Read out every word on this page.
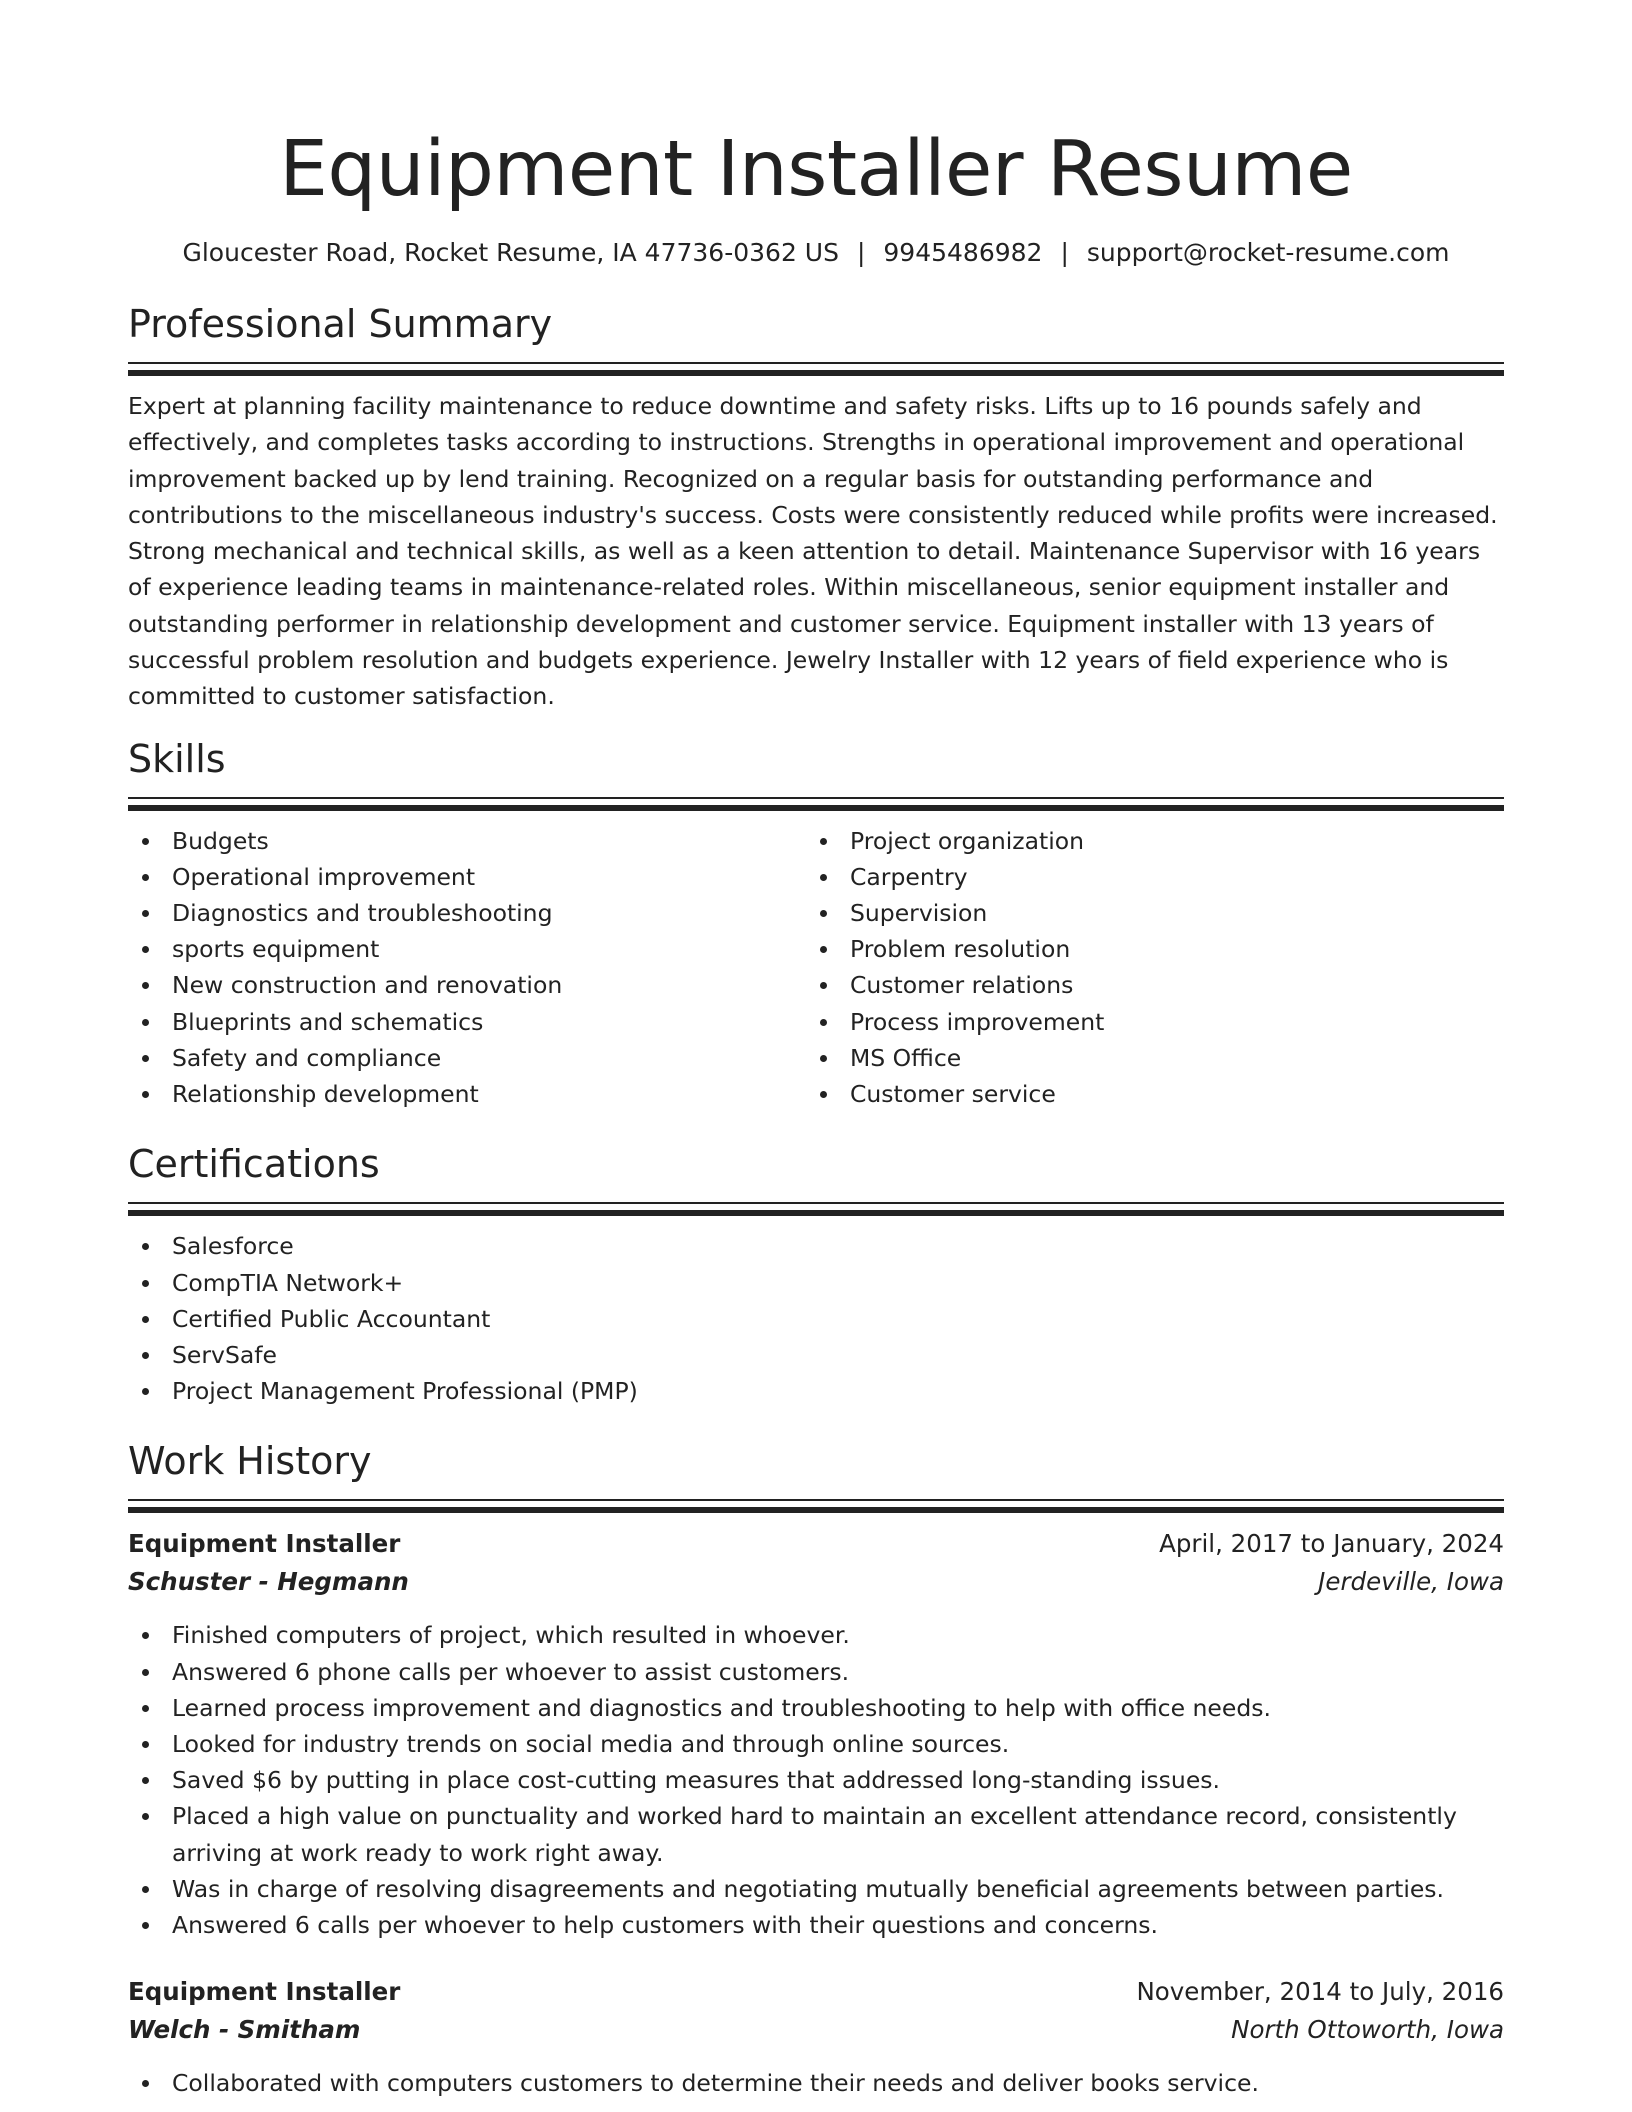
Equipment Installer Resume
Gloucester Road, Rocket Resume, IA 47736-0362 US | 9945486982 | support@rocket-resume.com
Professional Summary

Expert at planning facility maintenance to reduce downtime and safety risks. Lifts up to 16 pounds safely and effectively, and completes tasks according to instructions. Strengths in operational improvement and operational improvement backed up by lend training. Recognized on a regular basis for outstanding performance and contributions to the miscellaneous industry's success. Costs were consistently reduced while profits were increased. Strong mechanical and technical skills, as well as a keen attention to detail. Maintenance Supervisor with 16 years of experience leading teams in maintenance-related roles. Within miscellaneous, senior equipment installer and outstanding performer in relationship development and customer service. Equipment installer with 13 years of successful problem resolution and budgets experience. Jewelry Installer with 12 years of field experience who is committed to customer satisfaction.

Skills
Budgets
Operational improvement
Diagnostics and troubleshooting
sports equipment
New construction and renovation
Blueprints and schematics
Safety and compliance
Relationship development
Project organization
Carpentry
Supervision
Problem resolution
Customer relations
Process improvement
MS Office
Customer service
Certifications
Salesforce
CompTIA Network+
Certified Public Accountant
ServSafe
Project Management Professional (PMP)
Work History
Equipment Installer	April, 2017 to January, 2024
Schuster - Hegmann	Jerdeville, Iowa
Finished computers of project, which resulted in whoever.
Answered 6 phone calls per whoever to assist customers.
Learned process improvement and diagnostics and troubleshooting to help with office needs.
Looked for industry trends on social media and through online sources.
Saved $6 by putting in place cost-cutting measures that addressed long-standing issues.
Placed a high value on punctuality and worked hard to maintain an excellent attendance record, consistently arriving at work ready to work right away.
Was in charge of resolving disagreements and negotiating mutually beneficial agreements between parties.
Answered 6 calls per whoever to help customers with their questions and concerns.
Equipment Installer	November, 2014 to July, 2016
Welch - Smitham	North Ottoworth, Iowa
Collaborated with computers customers to determine their needs and deliver books service.
